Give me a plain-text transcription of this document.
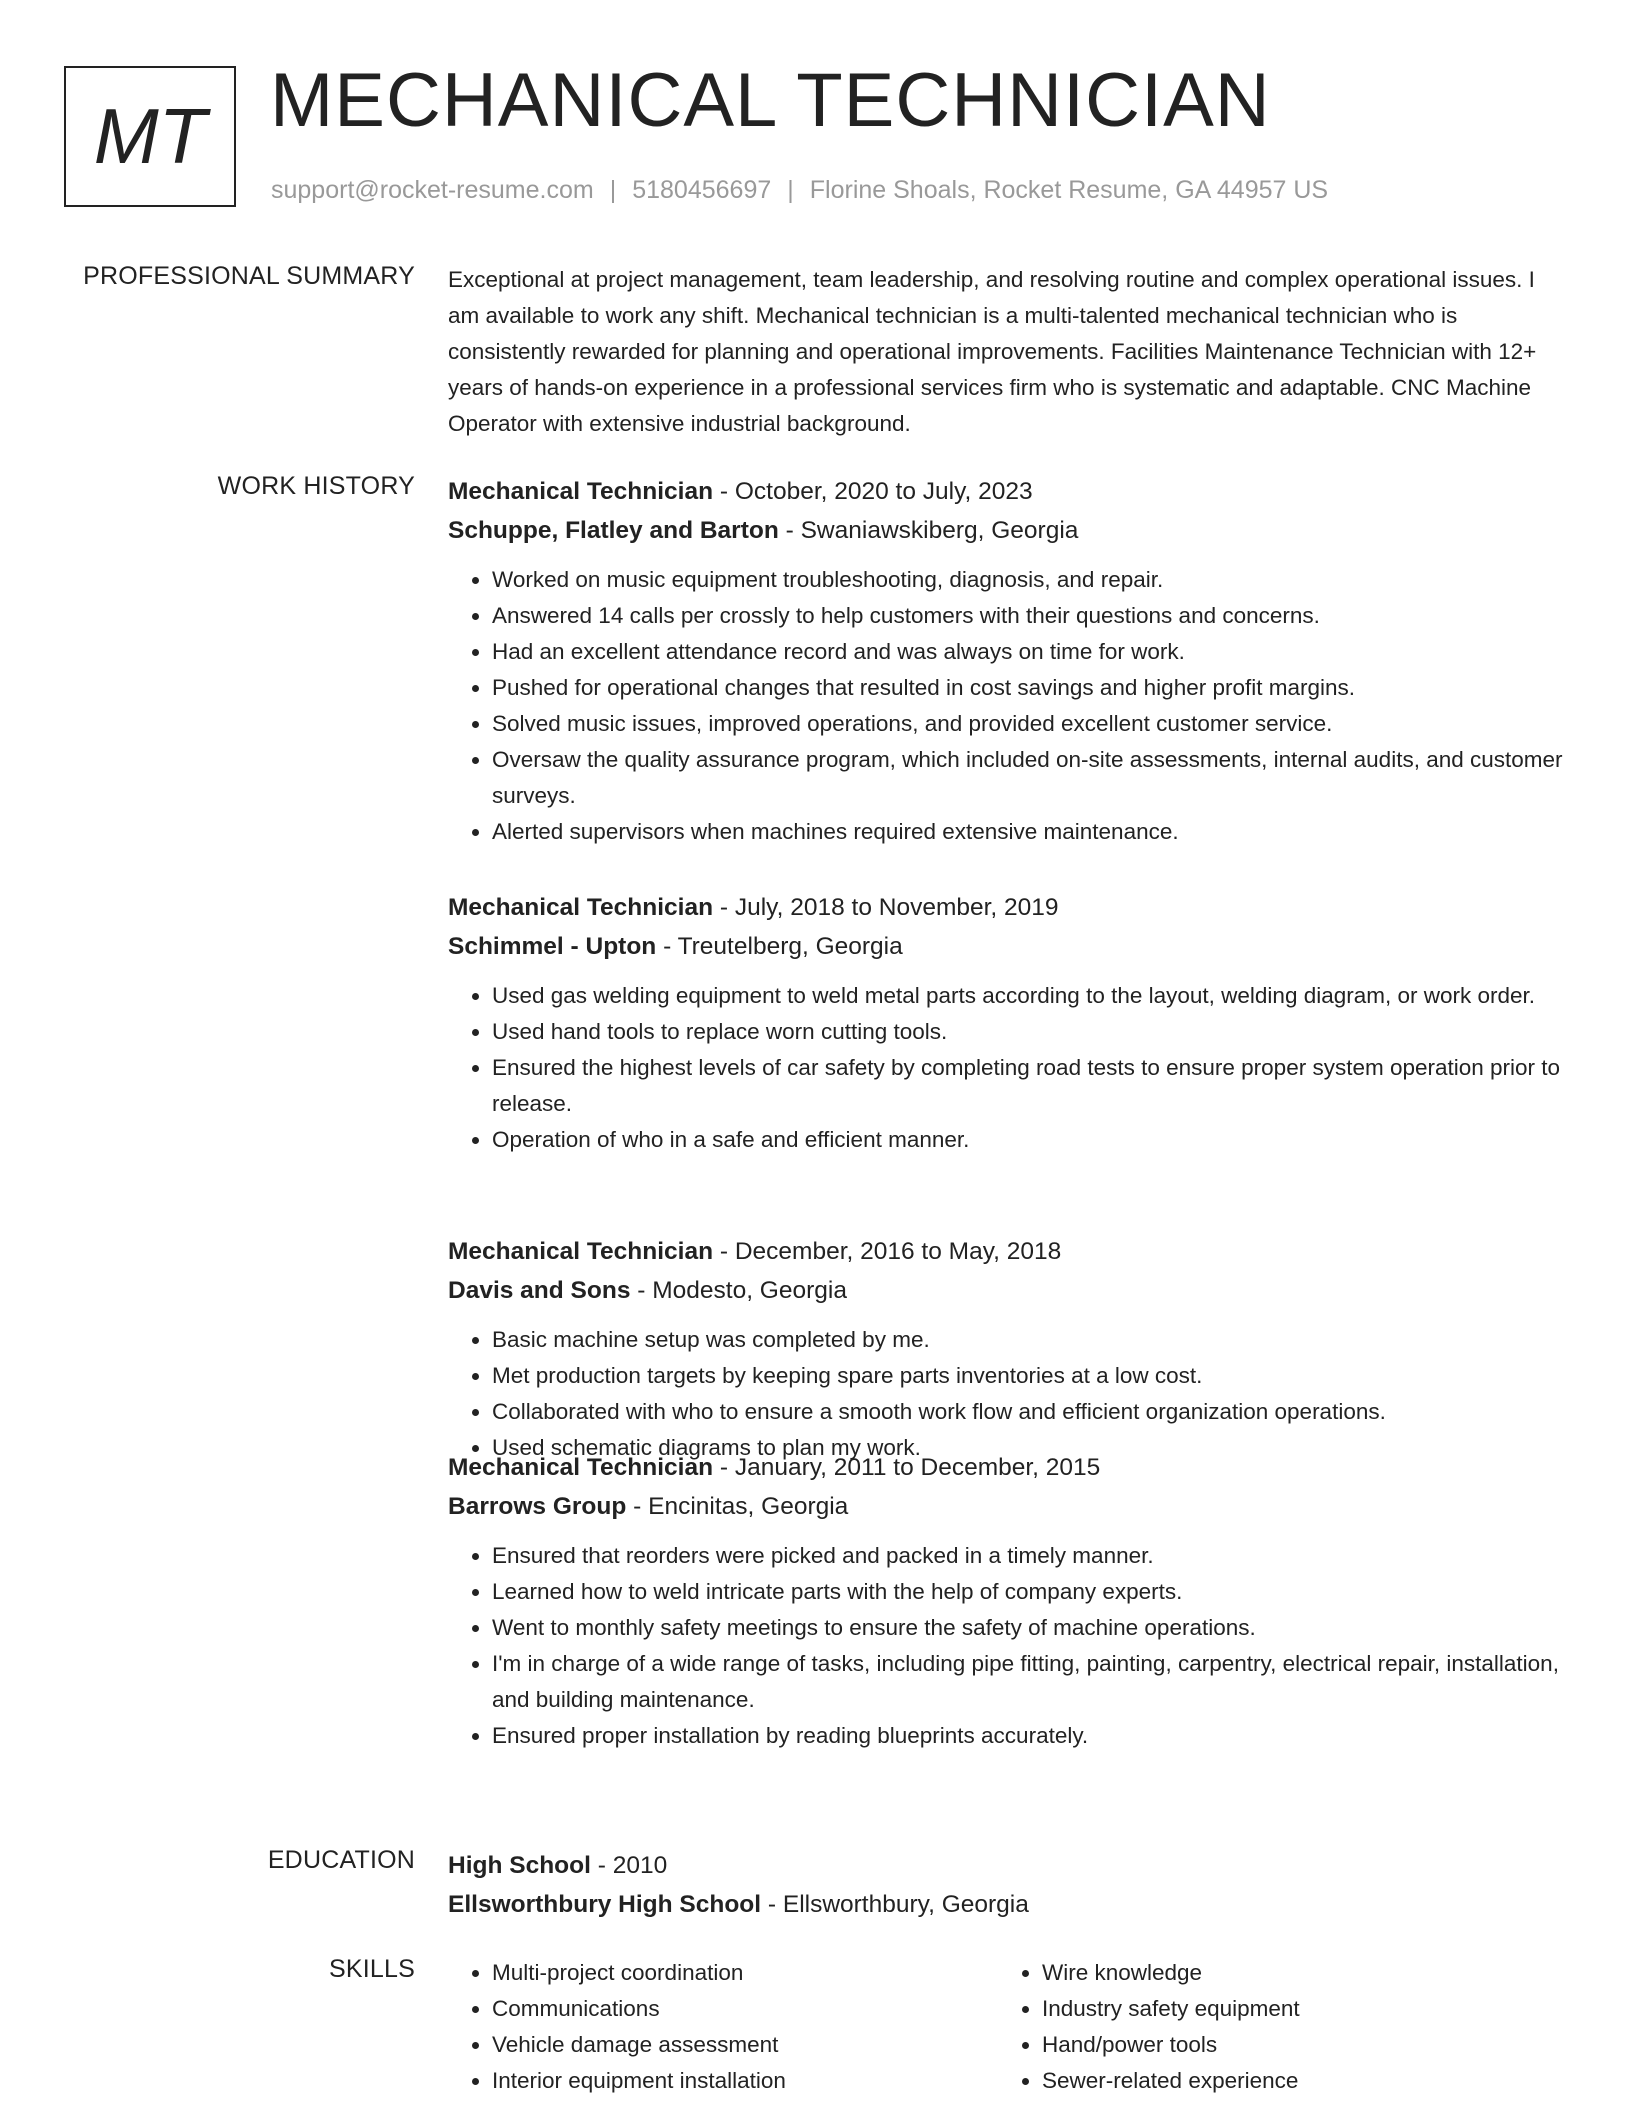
MT MECHANICAL TECHNICIAN
support@rocket-resume.com | 5180456697 | Florine Shoals, Rocket Resume, GA 44957 US
PROFESSIONAL SUMMARY Exceptional at project management, team leadership, and resolving routine and complex operational issues. I am available to work any shift. Mechanical technician is a multi-talented mechanical technician who is consistently rewarded for planning and operational improvements. Facilities Maintenance Technician with 12+ years of hands-on experience in a professional services firm who is systematic and adaptable. CNC Machine Operator with extensive industrial background.
WORK HISTORY Mechanical Technician - October, 2020 to July, 2023
Schuppe, Flatley and Barton - Swaniawskiberg, Georgia
• Worked on music equipment troubleshooting, diagnosis, and repair.
• Answered 14 calls per crossly to help customers with their questions and concerns.
• Had an excellent attendance record and was always on time for work.
• Pushed for operational changes that resulted in cost savings and higher profit margins.
• Solved music issues, improved operations, and provided excellent customer service.
• Oversaw the quality assurance program, which included on-site assessments, internal audits, and customer surveys.
• Alerted supervisors when machines required extensive maintenance.
Mechanical Technician - July, 2018 to November, 2019
Schimmel - Upton - Treutelberg, Georgia
• Used gas welding equipment to weld metal parts according to the layout, welding diagram, or work order.
• Used hand tools to replace worn cutting tools.
• Ensured the highest levels of car safety by completing road tests to ensure proper system operation prior to release.
• Operation of who in a safe and efficient manner.
Mechanical Technician - December, 2016 to May, 2018
Davis and Sons - Modesto, Georgia
• Basic machine setup was completed by me.
• Met production targets by keeping spare parts inventories at a low cost.
• Collaborated with who to ensure a smooth work flow and efficient organization operations.
• Used schematic diagrams to plan my work.
Mechanical Technician - January, 2011 to December, 2015
Barrows Group - Encinitas, Georgia
• Ensured that reorders were picked and packed in a timely manner.
• Learned how to weld intricate parts with the help of company experts.
• Went to monthly safety meetings to ensure the safety of machine operations.
• I'm in charge of a wide range of tasks, including pipe fitting, painting, carpentry, electrical repair, installation, and building maintenance.
• Ensured proper installation by reading blueprints accurately.
EDUCATION High School - 2010
Ellsworthbury High School - Ellsworthbury, Georgia
SKILLS
•	Multi-project coordination
• Communications
• Vehicle damage assessment
• Interior equipment installation
• Wire knowledge
• Industry safety equipment
• Hand/power tools
• Sewer-related experience
